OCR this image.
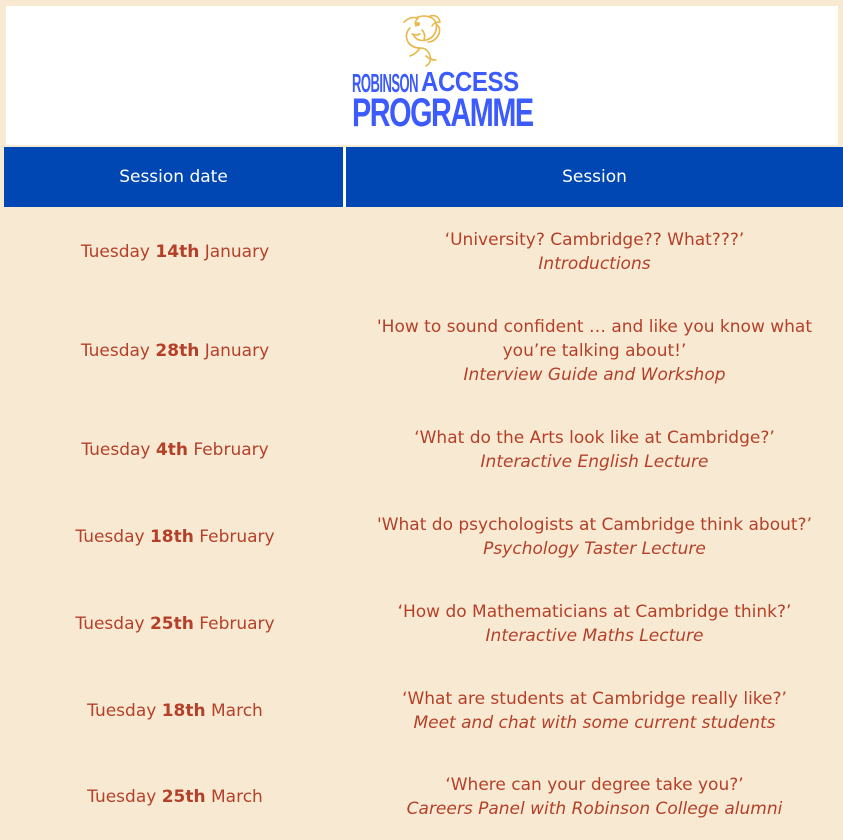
ROBINSON ACCESS
PROGRAMME
Session date	Session
Tuesday 14th January	‘University? Cambridge?? What???’
Introductions

Tuesday 28th January	'How to sound confident … and like you know what you’re talking about!’
Interview Guide and Workshop

Tuesday 4th February	‘What do the Arts look like at Cambridge?’
Interactive English Lecture

Tuesday 18th February	'What do psychologists at Cambridge think about?’
Psychology Taster Lecture

Tuesday 25th February	‘How do Mathematicians at Cambridge think?’
Interactive Maths Lecture

Tuesday 18th March	‘What are students at Cambridge really like?’
Meet and chat with some current students

Tuesday 25th March	‘Where can your degree take you?’
Careers Panel with Robinson College alumni
